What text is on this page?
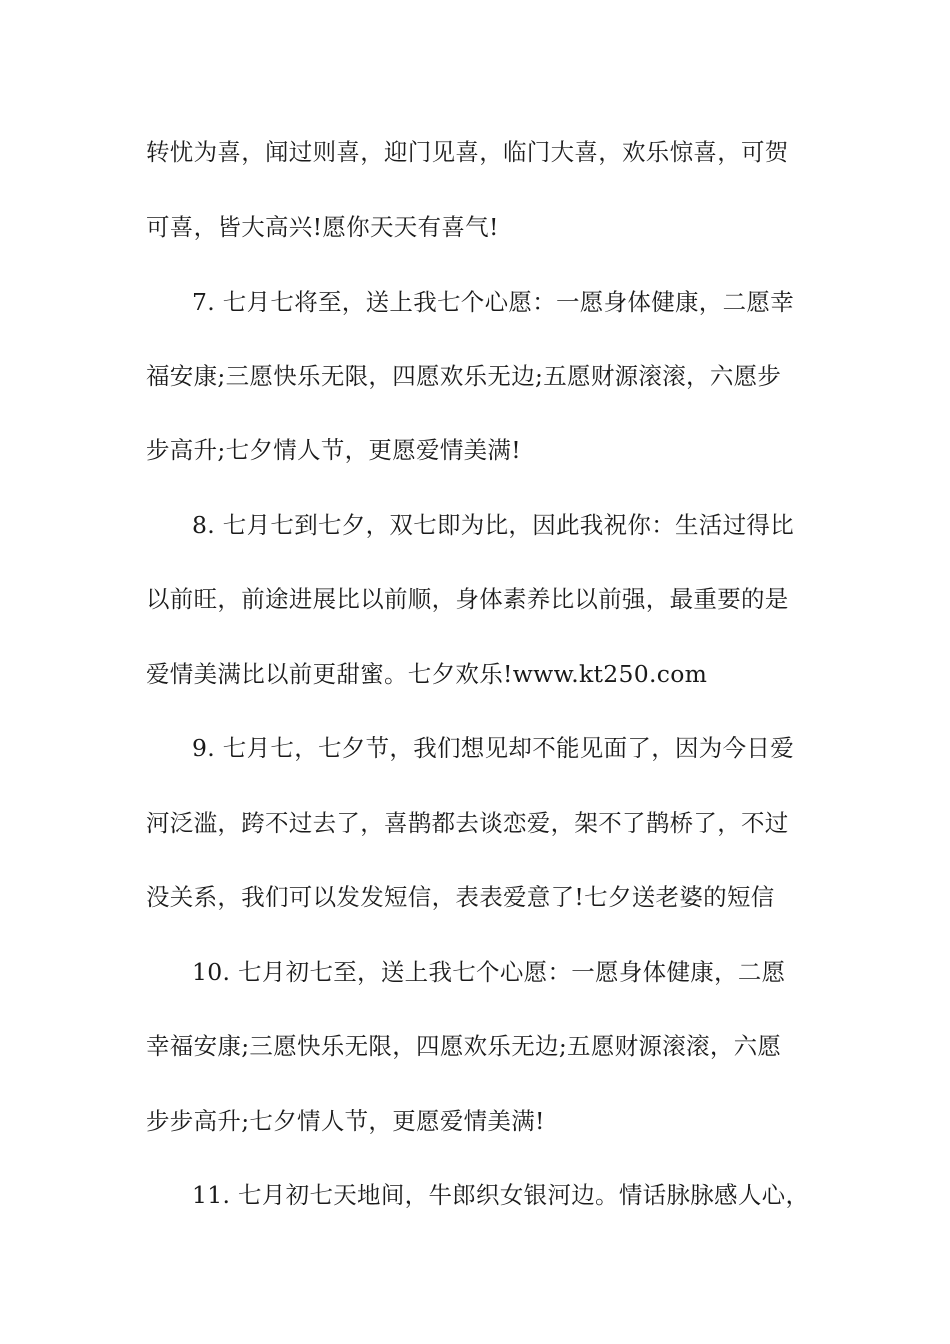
转忧为喜，闻过则喜，迎门见喜，临门大喜，欢乐惊喜，可贺
可喜，皆大高兴!愿你天天有喜气!
7. 七月七将至，送上我七个心愿：一愿身体健康，二愿幸
福安康;三愿快乐无限，四愿欢乐无边;五愿财源滚滚，六愿步
步高升;七夕情人节，更愿爱情美满!
8. 七月七到七夕，双七即为比，因此我祝你：生活过得比
以前旺，前途进展比以前顺，身体素养比以前强，最重要的是
爱情美满比以前更甜蜜。七夕欢乐!www.kt250.com
9. 七月七，七夕节，我们想见却不能见面了，因为今日爱
河泛滥，跨不过去了，喜鹊都去谈恋爱，架不了鹊桥了，不过
没关系，我们可以发发短信，表表爱意了!七夕送老婆的短信
10. 七月初七至，送上我七个心愿：一愿身体健康，二愿
幸福安康;三愿快乐无限，四愿欢乐无边;五愿财源滚滚，六愿
步步高升;七夕情人节，更愿爱情美满!
11. 七月初七天地间，牛郎织女银河边。情话脉脉感人心，
